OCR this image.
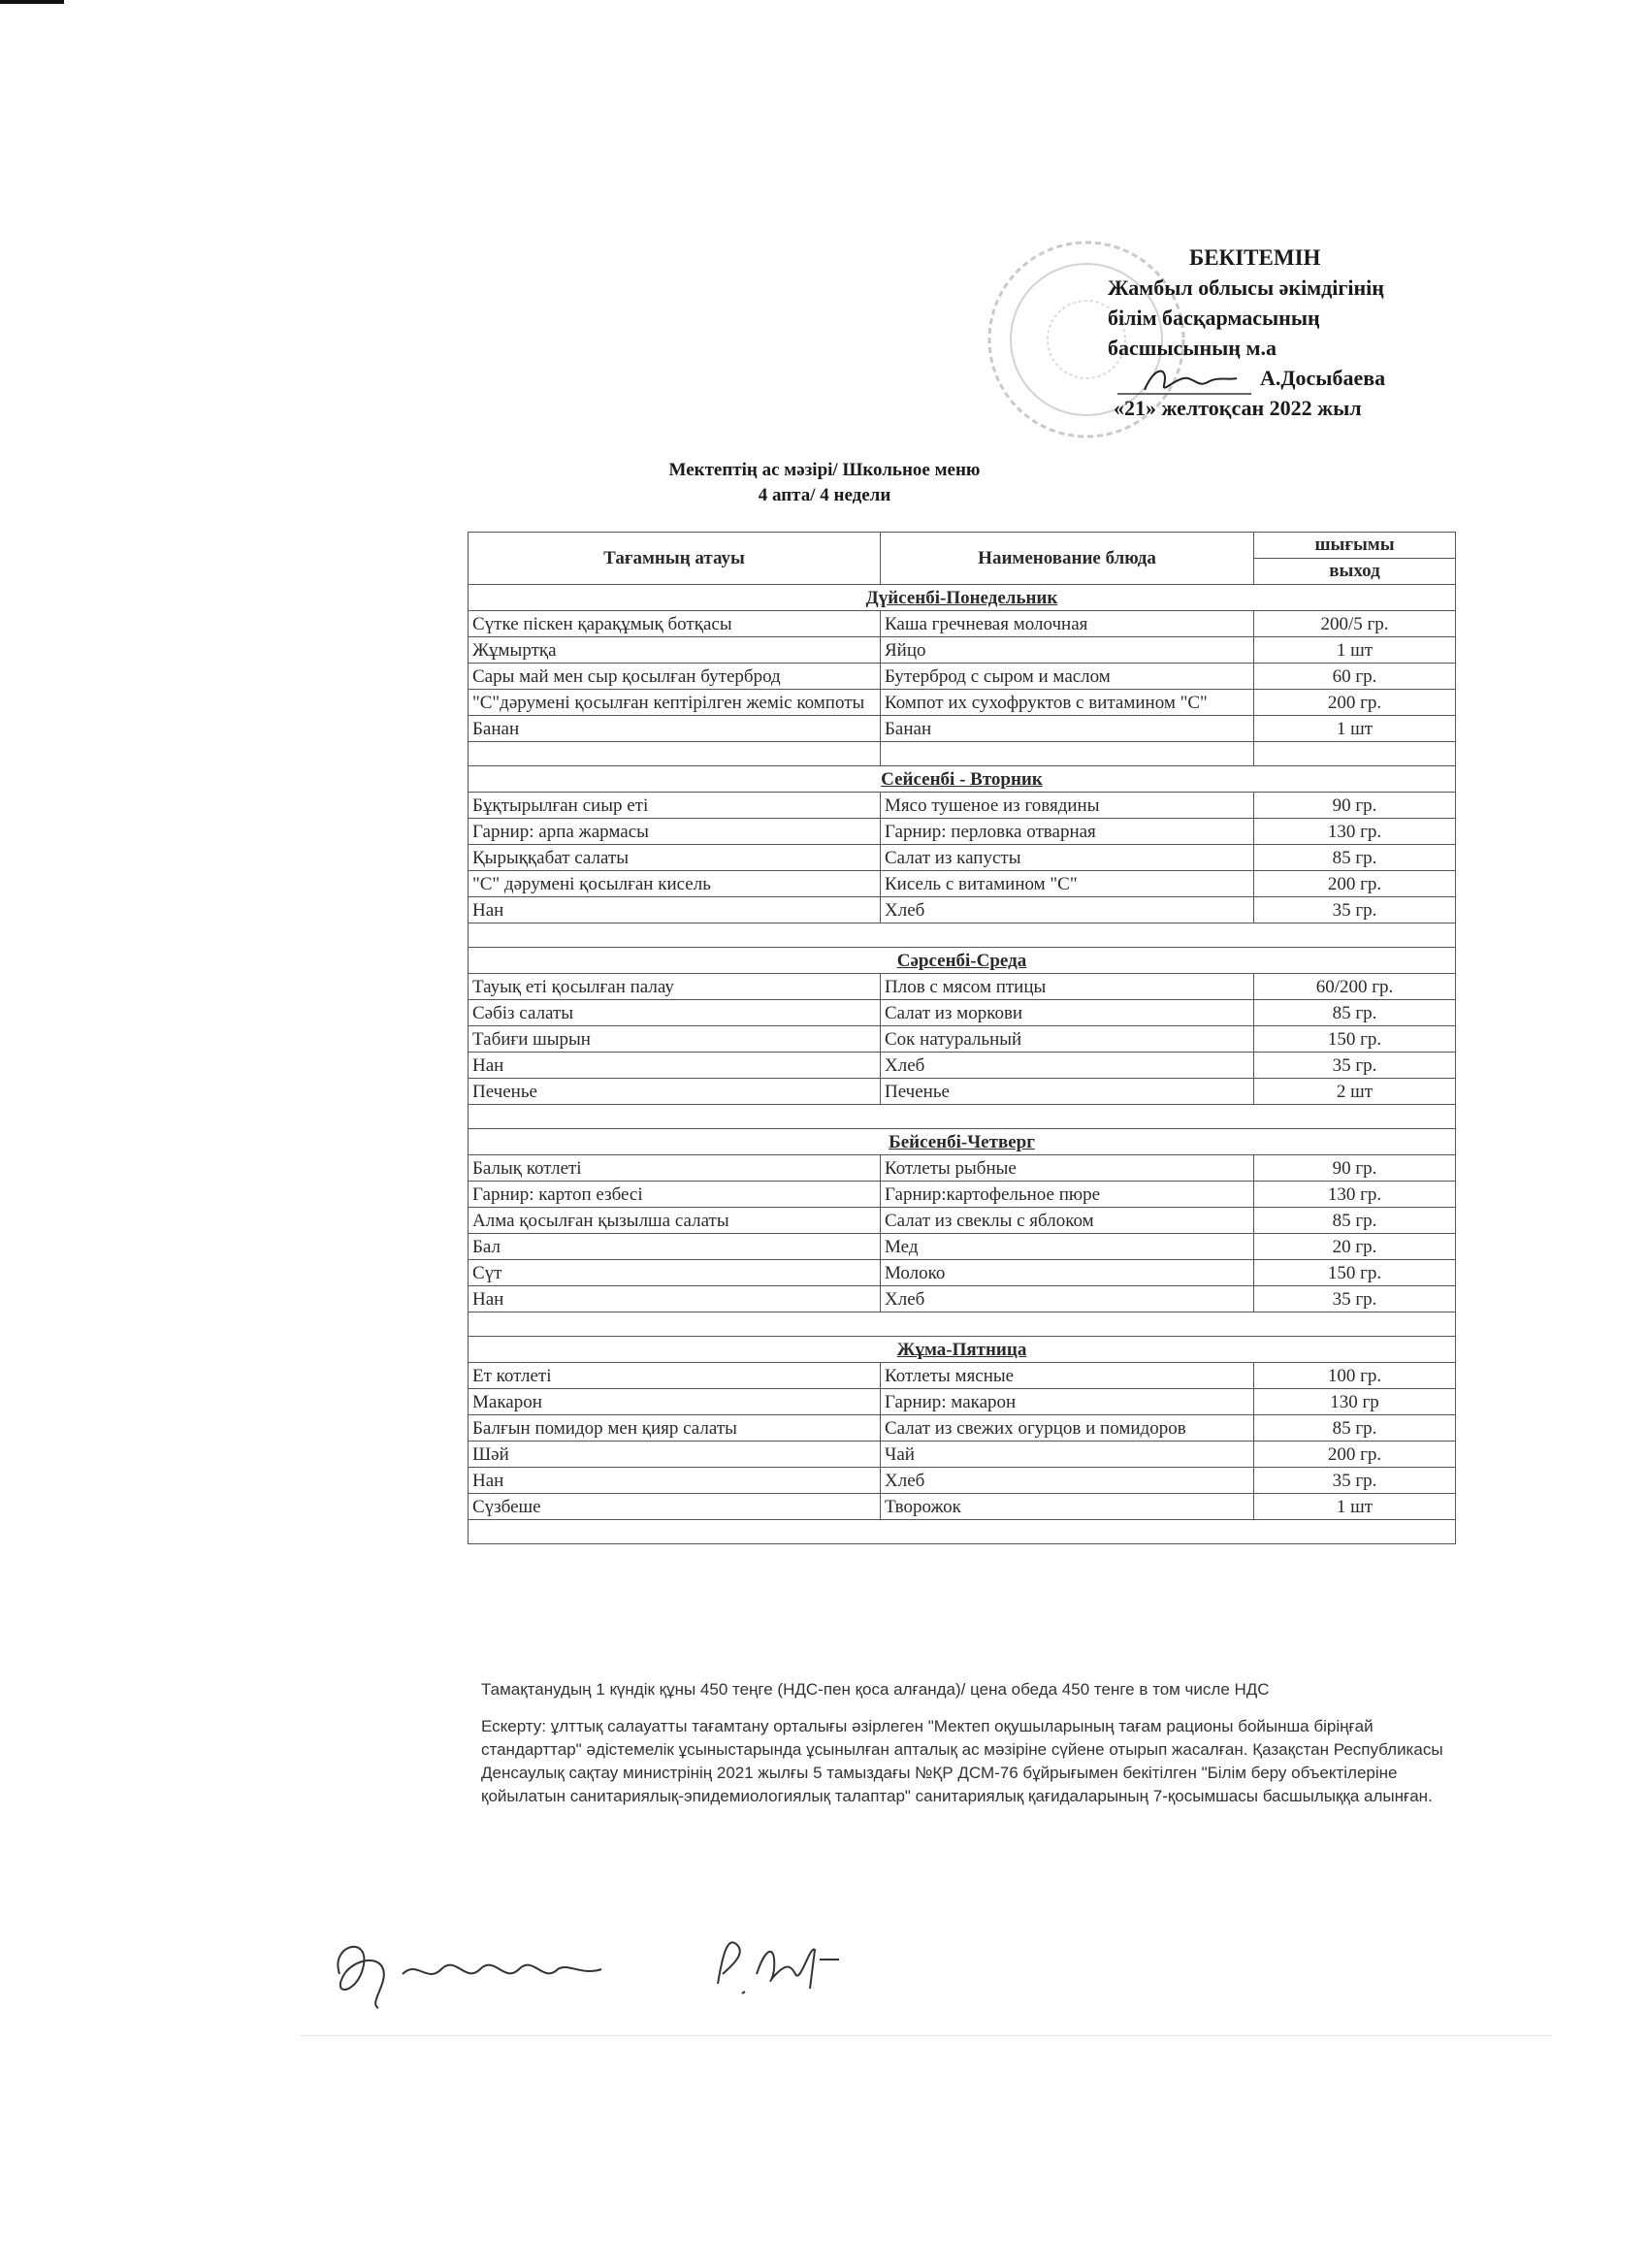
БЕКІТЕМІН
Жамбыл облысы әкімдігінің
білім басқармасының
басшысының м.а
А.Досыбаева
«21» желтоқсан 2022 жыл
Мектептің ас мәзірі/ Школьное меню
4 апта/ 4 недели
Тағамның атауы	Наименование блюда	шығымы
		выход
Дүйсенбі-Понедельник		
Сүтке піскен қарақұмық ботқасы	Каша гречневая молочная	200/5 гр.
Жұмыртқа	Яйцо	1 шт
Сары май мен сыр қосылған бутерброд	Бутерброд с сыром и маслом	60 гр.
"С"дәруменi қосылған кептірілген жеміс компоты	Компот их сухофруктов с витамином "С"	200 гр.
Банан	Банан	1 шт

Сейсенбі - Вторник		
Бұқтырылған сиыр еті	Мясо тушеное из говядины	90 гр.
Гарнир: арпа жармасы	Гарнир: перловка отварная	130 гр.
Қырыққабат салаты	Салат из капусты	85 гр.
"С" дәрумені қосылған кисель	Кисель с витамином "С"	200 гр.
Нан	Хлеб	35 гр.

Сәрсенбі-Среда		
Тауық еті қосылған палау	Плов с мясом птицы	60/200 гр.
Сәбіз салаты	Салат из моркови	85 гр.
Табиғи шырын	Сок натуральный	150 гр.
Нан	Хлеб	35 гр.
Печенье	Печенье	2 шт

Бейсенбі-Четверг		
Балық котлеті	Котлеты рыбные	90 гр.
Гарнир: картоп езбесі	Гарнир:картофельное пюре	130 гр.
Алма қосылған қызылша салаты	Салат из свеклы с яблоком	85 гр.
Бал	Мед	20 гр.
Сүт	Молоко	150 гр.
Нан	Хлеб	35 гр.

Жұма-Пятница		
Ет котлеті	Котлеты мясные	100 гр.
Макарон	Гарнир: макарон	130 гр
Балғын помидор мен қияр салаты	Салат из свежих огурцов и помидоров	85 гр.
Шәй	Чай	200 гр.
Нан	Хлеб	35 гр.
Сүзбеше	Творожок	1 шт

Тамақтанудың 1 күндік құны 450 теңге (НДС-пен қоса алғанда)/ цена обеда 450 тенге в том числе НДС

Ескерту: ұлттық салауатты тағамтану орталығы әзірлеген "Мектеп оқушыларының тағам рационы бойынша біріңғай стандарттар" әдістемелік ұсыныстарында ұсынылған апталық ас мәзіріне сүйене отырып жасалған. Қазақстан Республикасы Денсаулық сақтау министрінің 2021 жылғы 5 тамыздағы №ҚР ДСМ-76 бұйрығымен бекітілген "Білім беру объектілеріне қойылатын санитариялық-эпидемиологиялық талаптар" санитариялық қағидаларының 7-қосымшасы басшылыққа алынған.
